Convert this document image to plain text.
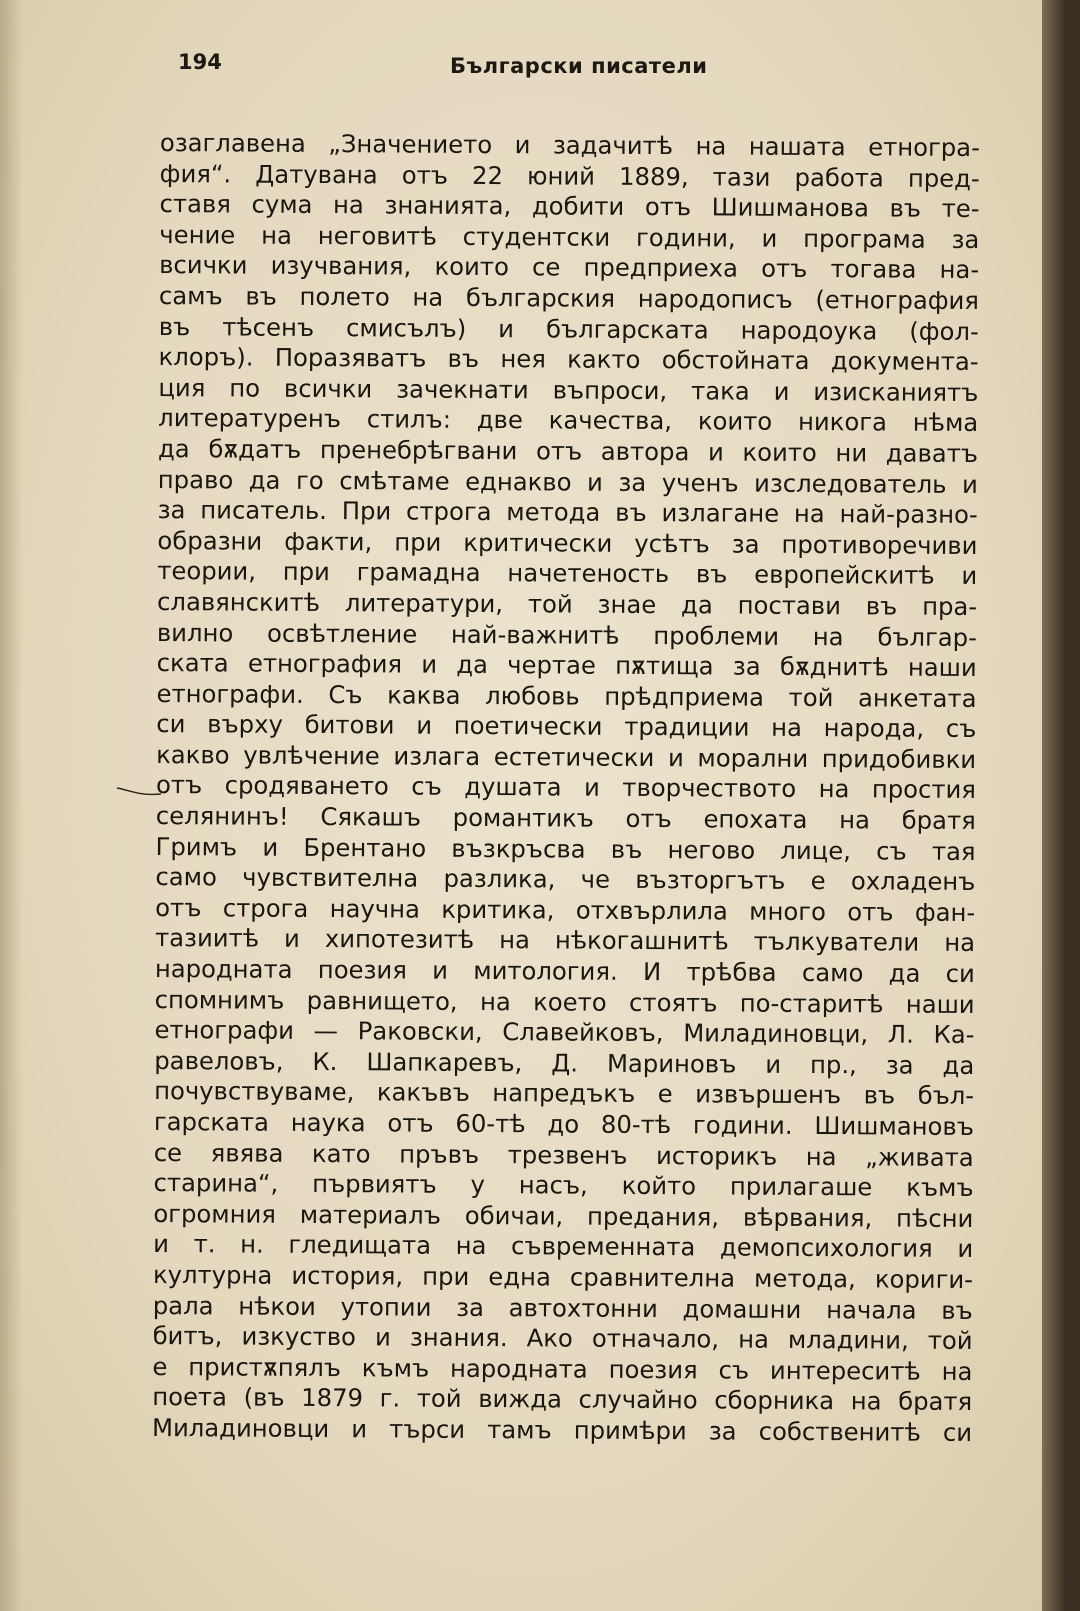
194	Български писатели
озаглавена „Значението и задачитѣ на нашата етногра-
фия“. Датувана отъ 22 юний 1889, тази работа пред-
ставя сума на знанията, добити отъ Шишманова въ те-
чение на неговитѣ студентски години, и програма за
всички изучвания, които се предприеха отъ тогава на-
самъ въ полето на българския народописъ (етнография
въ тѣсенъ смисълъ) и българската народоука (фол-
клоръ). Поразяватъ въ нея както обстойната документа-
ция по всички зачекнати въпроси, така и изисканиятъ
литературенъ стилъ: две качества, които никога нѣма
да бѫдатъ пренебрѣгвани отъ автора и които ни даватъ
право да го смѣтаме еднакво и за ученъ изследователь и
за писатель. При строга метода въ излагане на най-разно-
образни факти, при критически усѣтъ за противоречиви
теории, при грамадна начетеность въ европейскитѣ и
славянскитѣ литератури, той знае да постави въ пра-
вилно освѣтление най-важнитѣ проблеми на българ-
ската етнография и да чертае пѫтища за бѫднитѣ наши
етнографи. Съ каква любовь прѣдприема той анкетата
си върху битови и поетически традиции на народа, съ
какво увлѣчение излага естетически и морални придобивки
отъ сродяването съ душата и творчеството на простия
селянинъ! Сякашъ романтикъ отъ епохата на братя
Гримъ и Брентано възкръсва въ негово лице, съ тая
само чувствителна разлика, че възторгътъ е охладенъ
отъ строга научна критика, отхвърлила много отъ фан-
тазиитѣ и хипотезитѣ на нѣкогашнитѣ тълкуватели на
народната поезия и митология. И трѣбва само да си
спомнимъ равнището, на което стоятъ по-старитѣ наши
етнографи — Раковски, Славейковъ, Миладиновци, Л. Ка-
равеловъ, К. Шапкаревъ, Д. Мариновъ и пр., за да
почувствуваме, какъвъ напредъкъ е извършенъ въ бъл-
гарската наука отъ 60-тѣ до 80-тѣ години. Шишмановъ
се явява като пръвъ трезвенъ историкъ на „живата
старина“, първиятъ у насъ, който прилагаше къмъ
огромния материалъ обичаи, предания, вѣрвания, пѣсни
и т. н. гледищата на съвременната демопсихология и
културна история, при една сравнителна метода, кориги-
рала нѣкои утопии за автохтонни домашни начала въ
битъ, изкуство и знания. Ако отначало, на младини, той
е пристѫпялъ къмъ народната поезия съ интереситѣ на
поета (въ 1879 г. той вижда случайно сборника на братя
Миладиновци и търси тамъ примѣри за собственитѣ си
